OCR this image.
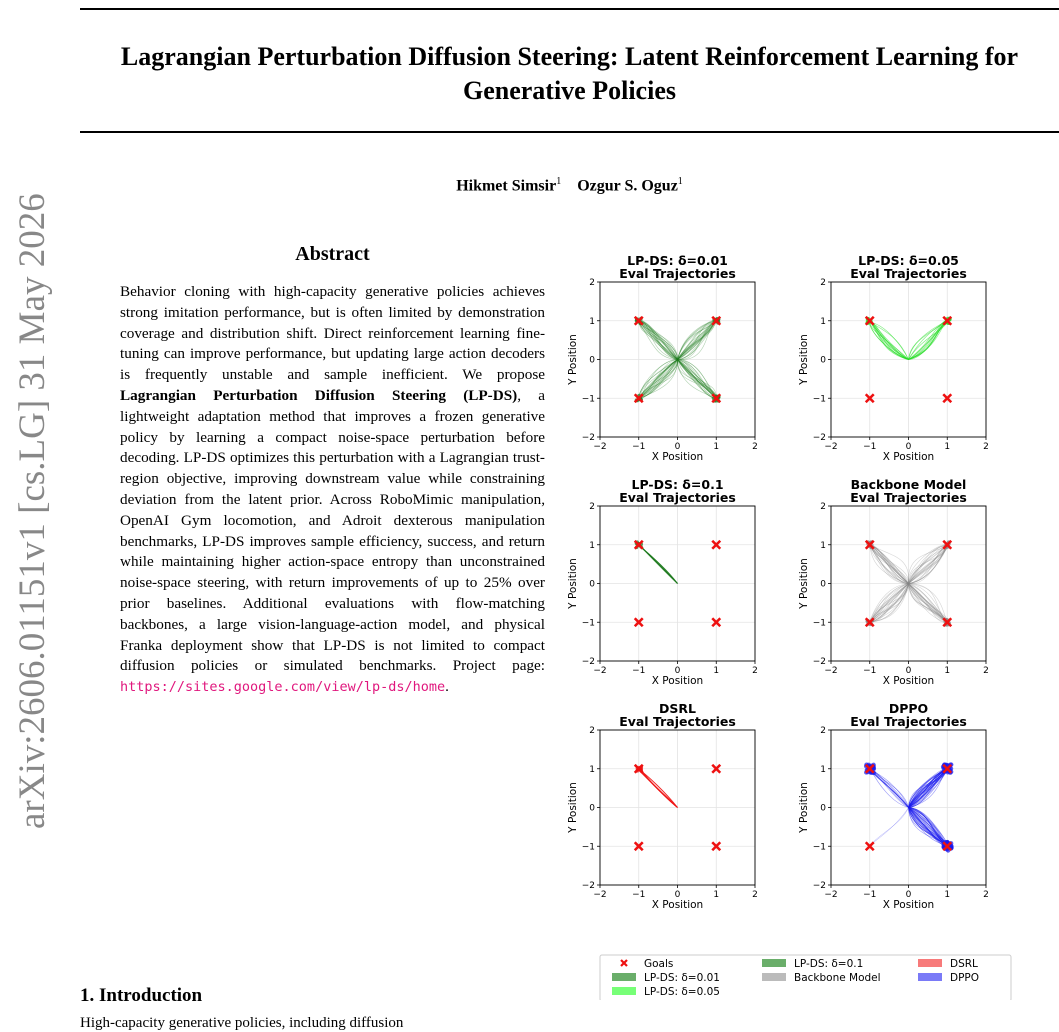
Lagrangian Perturbation Diffusion Steering: Latent Reinforcement Learning for Generative Policies
Hikmet Simsir$^1$ Ozgur S. Oguz$^1$
arXiv:2606.01151v1 [cs.LG] 31 May 2026	Abstract
Behavior cloning with high-capacity generative policies achieves strong imitation performance, but is often limited by demonstration coverage and distribution shift. Direct reinforcement learning fine-tuning can improve performance, but updating large action decoders is frequently unstable and sample inefficient. We propose Lagrangian Perturbation Diffusion Steering (LP-DS), a lightweight adaptation method that improves a frozen generative policy by learning a compact noise-space perturbation before decoding. LP-DS optimizes this perturbation with a Lagrangian trust-region objective, improving downstream value while constraining deviation from the latent prior. Across RoboMimic manipulation, OpenAI Gym locomotion, and Adroit dexterous manipulation benchmarks, LP-DS improves sample efficiency, success, and return while maintaining higher action-space entropy than unconstrained noise-space steering, with return improvements of up to 25% over prior baselines. Additional evaluations with flow-matching backbones, a large vision-language-action model, and physical Franka deployment show that LP-DS is not limited to compact diffusion policies or simulated benchmarks. Project page: https://sites.google.com/view/lp-ds/home.
1. Introduction
High-capacity generative policies, including diffusion
LP-DS: δ=0.01
Eval Trajectories
−2
−2
−1
−1
0
0
1
1
2
2
X Position
Y Position
LP-DS: δ=0.05
Eval Trajectories
−2
−2
−1
−1
0
0
1
1
2
2
X Position
Y Position
LP-DS: δ=0.1
Eval Trajectories
−2
−2
−1
−1
0
0
1
1
2
2
X Position
Y Position
Backbone Model
Eval Trajectories
−2
−2
−1
−1
0
0
1
1
2
2
X Position
Y Position
DSRL
Eval Trajectories
−2
−2
−1
−1
0
0
1
1
2
2
X Position
Y Position
DPPO
Eval Trajectories
−2
−2
−1
−1
0
0
1
1
2
2
X Position
Y Position
Goals
LP-DS: δ=0.01
LP-DS: δ=0.05
LP-DS: δ=0.1
Backbone Model
DSRL
DPPO
